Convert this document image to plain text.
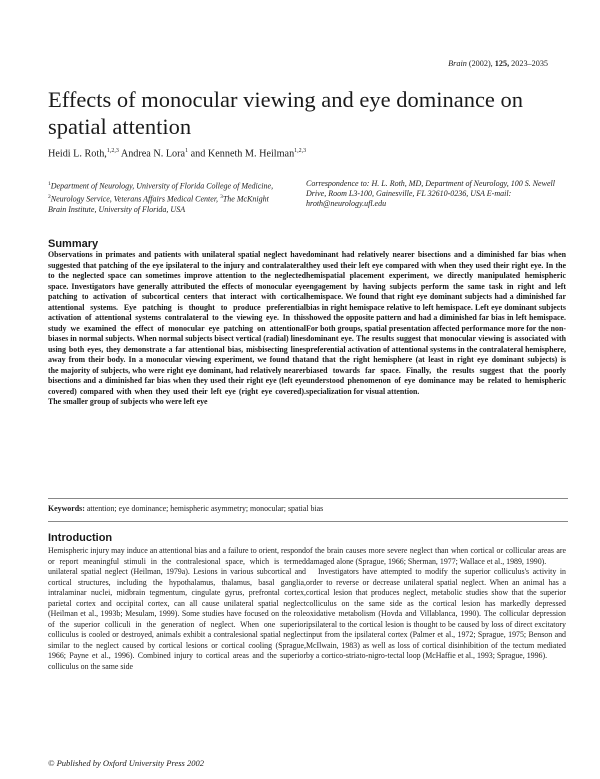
Brain (2002), 125, 2023–2035
Effects of monocular viewing and eye dominance on spatial attention
Heidi L. Roth,$^{1,2,3}$ Andrea N. Lora$^1$ and Kenneth M. Heilman$^{1,2,3}$
$^1$Department of Neurology, University of Florida College of Medicine, $^2$Neurology Service, Veterans Affairs Medical Center, $^3$The McKnight Brain Institute, University of Florida, USA
Correspondence to: H. L. Roth, MD, Department of Neurology, 100 S. Newell Drive, Room L3-100, Gainesville, FL 32610-0236, USA E-mail: hroth@neurology.ufl.edu
Summary
Observations in primates and patients with unilateral spatial neglect have suggested that patching of the eye ipsilateral to the injury and contralateral to the neglected space can sometimes improve attention to the neglected space. Investigators have generally attributed the effects of monocular eye patching to activation of subcortical centers that interact with cortical attentional systems. Eye patching is thought to produce preferential activation of attentional systems contralateral to the viewing eye. In this study we examined the effect of monocular eye patching on attentional biases in normal subjects. When normal subjects bisect vertical (radial) lines using both eyes, they demonstrate a far attentional bias, misbisecting lines away from their body. In a monocular viewing experiment, we found that the majority of subjects, who were right eye dominant, had relatively nearer bisections and a diminished far bias when they used their right eye (left eye covered) compared with when they used their left eye (right eye covered). The smaller group of subjects who were left eye
dominant had relatively nearer bisections and a diminished far bias when they used their left eye compared with when they used their right eye. In the hemispatial placement experiment, we directly manipulated hemispheric engagement by having subjects perform the same task in right and left hemispace. We found that right eye dominant subjects had a diminished far bias in right hemispace relative to left hemispace. Left eye dominant subjects showed the opposite pattern and had a diminished far bias in left hemispace. For both groups, spatial presentation affected performance more for the non-dominant eye. The results suggest that monocular viewing is associated with preferential activation of attentional systems in the contralateral hemisphere, and that the right hemisphere (at least in right eye dominant subjects) is biased towards far space. Finally, the results suggest that the poorly understood phenomenon of eye dominance may be related to hemispheric specialization for visual attention.
Keywords: attention; eye dominance; hemispheric asymmetry; monocular; spatial bias
Introduction

Hemispheric injury may induce an attentional bias and a failure to orient, respond or report meaningful stimuli in the contralesional space, which is termed unilateral spatial neglect (Heilman, 1979a). Lesions in various subcortical and cortical structures, including the hypothalamus, thalamus, basal ganglia, intralaminar nuclei, midbrain tegmentum, cingulate gyrus, prefrontal cortex, parietal cortex and occipital cortex, can all cause unilateral spatial neglect (Heilman et al., 1993b; Mesulam, 1999). Some studies have focused on the role of the superior colliculi in the generation of neglect. When one superior colliculus is cooled or destroyed, animals exhibit a contralesional spatial neglect similar to the neglect caused by cortical lesions or cortical cooling (Sprague, 1966; Payne et al., 1996). Combined injury to cortical areas and the superior colliculus on the same side

of the brain causes more severe neglect than when cortical or collicular areas are damaged alone (Sprague, 1966; Sherman, 1977; Wallace et al., 1989, 1990).

Investigators have attempted to modify the superior colliculus's activity in order to reverse or decrease unilateral spatial neglect. When an animal has a cortical lesion that produces neglect, metabolic studies show that the superior colliculus on the same side as the cortical lesion has markedly depressed oxidative metabolism (Hovda and Villablanca, 1990). The collicular depression ipsilateral to the cortical lesion is thought to be caused by loss of direct excitatory input from the ipsilateral cortex (Palmer et al., 1972; Sprague, 1975; Benson and McIlwain, 1983) as well as loss of cortical disinhibition of the tectum mediated by a cortico-striato-nigro-tectal loop (McHaffie et al., 1993; Sprague, 1996).

© Published by Oxford University Press 2002
